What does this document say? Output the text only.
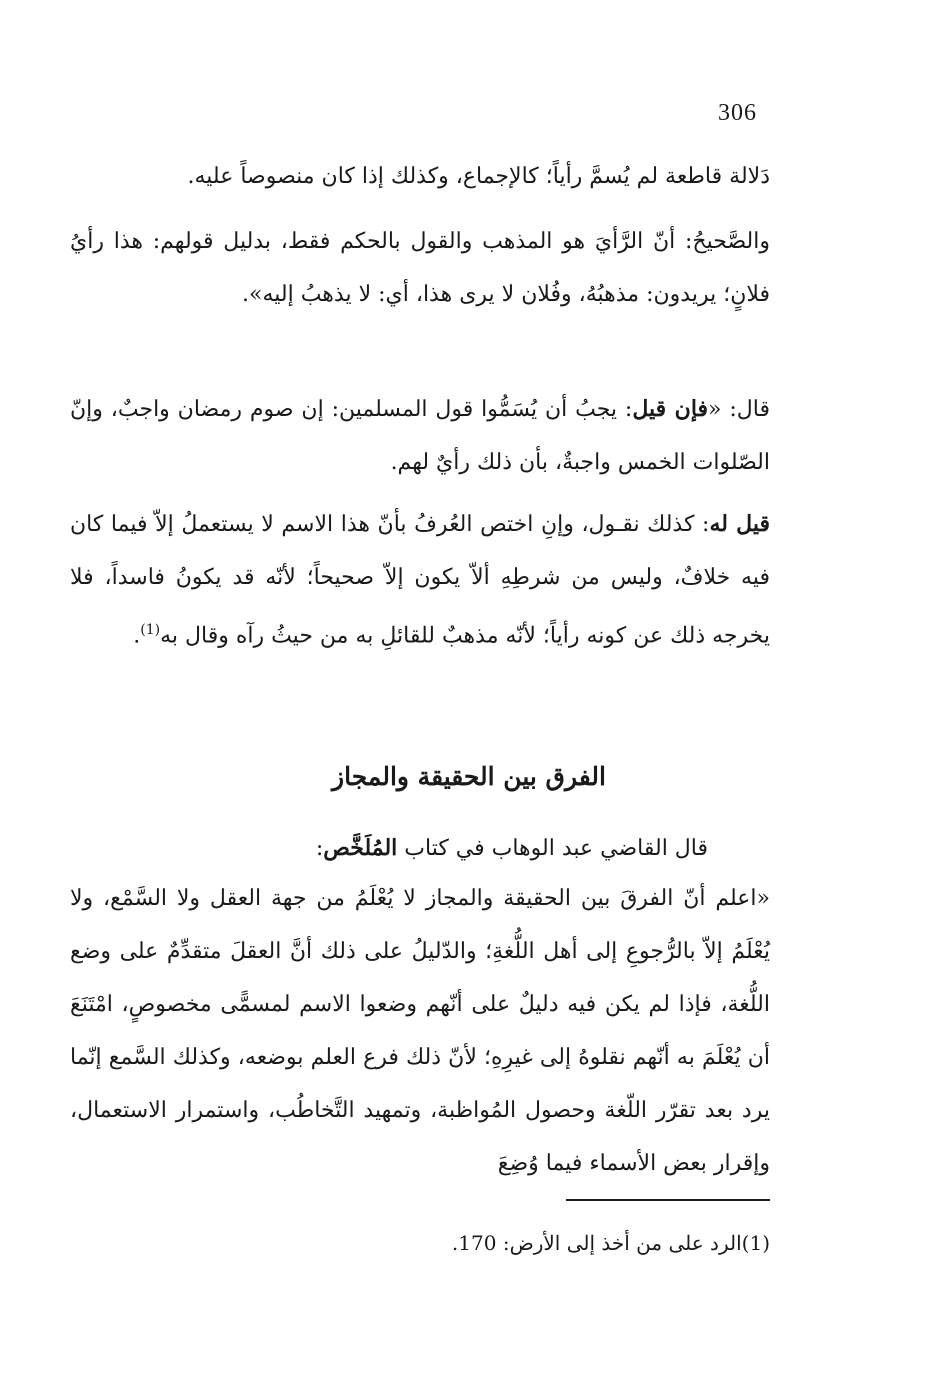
306

دَلالة قاطعة لم يُسمَّ رأياً؛ كالإجماع، وكذلك إذا كان منصوصاً عليه.

والصَّحيحُ: أنّ الرَّأيَ هو المذهب والقول بالحكم فقط، بدليل قولهم: هذا رأيُ فلانٍ؛ يريدون: مذهبُهُ، وفُلان لا يرى هذا، أي: لا يذهبُ إليه».

قال: «فإن قيل: يجبُ أن يُسَمُّوا قول المسلمين: إن صوم رمضان واجبٌ، وإنّ الصّلوات الخمس واجبةٌ، بأن ذلك رأيٌ لهم.

قيل له: كذلك نقـول، وإنِ اختص العُرفُ بأنّ هذا الاسم لا يستعملُ إلاّ فيما كان فيه خلافٌ، وليس من شرطِهِ ألاّ يكون إلاّ صحيحاً؛ لأنّه قد يكونُ فاسداً، فلا يخرجه ذلك عن كونه رأياً؛ لأنّه مذهبٌ للقائلِ به من حيثُ رآه وقال به$^{(1)}$.

الفرق بين الحقيقة والمجاز

قال القاضي عبد الوهاب في كتاب المُلَخَّص:

«اعلم أنّ الفرقَ بين الحقيقة والمجاز لا يُعْلَمُ من جهة العقل ولا السَّمْع، ولا يُعْلَمُ إلاّ بالرُّجوعِ إلى أهل اللُّغةِ؛ والدّليلُ على ذلك أنَّ العقلَ متقدِّمٌ على وضع اللُّغة، فإذا لم يكن فيه دليلٌ على أنّهم وضعوا الاسم لمسمًّى مخصوصٍ، امْتَنَعَ أن يُعْلَمَ به أنّهم نقلوهُ إلى غيرِهِ؛ لأنّ ذلك فرع العلم بوضعه، وكذلك السَّمع إنّما يرد بعد تقرّر اللّغة وحصول المُواظبة، وتمهيد التَّخاطُب، واستمرار الاستعمال، وإقرار بعض الأسماء فيما وُضِعَ

(1)الرد على من أخذ إلى الأرض: 170.
